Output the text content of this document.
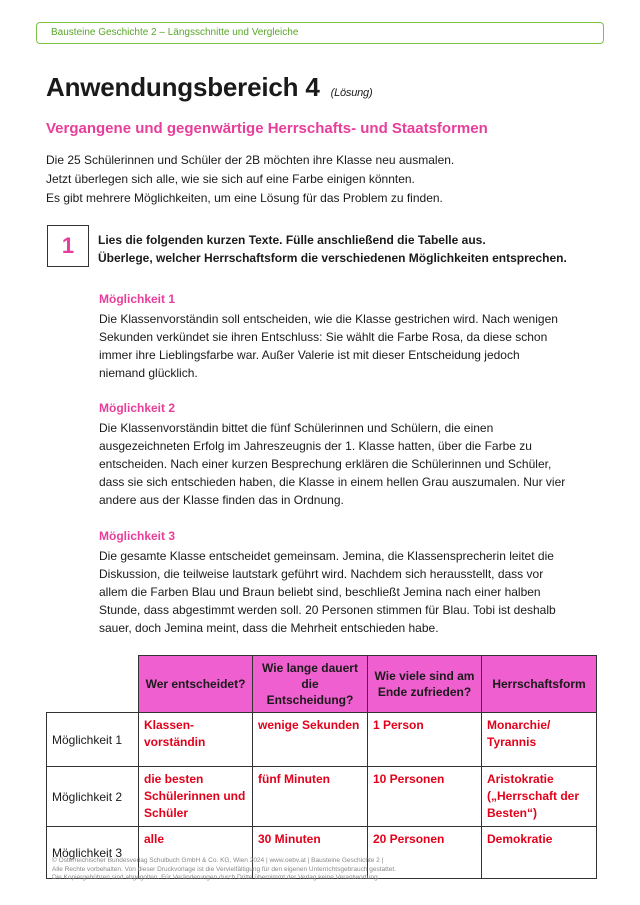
Bausteine Geschichte 2 – Längsschnitte und Vergleiche
Anwendungsbereich 4 (Lösung)
Vergangene und gegenwärtige Herrschafts- und Staatsformen
Die 25 Schülerinnen und Schüler der 2B möchten ihre Klasse neu ausmalen.
Jetzt überlegen sich alle, wie sie sich auf eine Farbe einigen könnten.
Es gibt mehrere Möglichkeiten, um eine Lösung für das Problem zu finden.
1	Lies die folgenden kurzen Texte. Fülle anschließend die Tabelle aus.
Überlege, welcher Herrschaftsform die verschiedenen Möglichkeiten entsprechen.
Möglichkeit 1
Die Klassenvorständin soll entscheiden, wie die Klasse gestrichen wird. Nach wenigen
Sekunden verkündet sie ihren Entschluss: Sie wählt die Farbe Rosa, da diese schon
immer ihre Lieblingsfarbe war. Außer Valerie ist mit dieser Entscheidung jedoch
niemand glücklich.
Möglichkeit 2
Die Klassenvorständin bittet die fünf Schülerinnen und Schülern, die einen
ausgezeichneten Erfolg im Jahreszeugnis der 1. Klasse hatten, über die Farbe zu
entscheiden. Nach einer kurzen Besprechung erklären die Schülerinnen und Schüler,
dass sie sich entschieden haben, die Klasse in einem hellen Grau auszumalen. Nur vier
andere aus der Klasse finden das in Ordnung.
Möglichkeit 3
Die gesamte Klasse entscheidet gemeinsam. Jemina, die Klassensprecherin leitet die
Diskussion, die teilweise lautstark geführt wird. Nachdem sich herausstellt, dass vor
allem die Farben Blau und Braun beliebt sind, beschließt Jemina nach einer halben
Stunde, dass abgestimmt werden soll. 20 Personen stimmen für Blau. Tobi ist deshalb
sauer, doch Jemina meint, dass die Mehrheit entschieden habe.
	Wer entscheidet?	Wie lange dauert die Entscheidung?	Wie viele sind am Ende zufrieden?	Herrschaftsform
Möglichkeit 1	Klassen-vorständin	wenige Sekunden	1 Person	Monarchie/ Tyrannis
Möglichkeit 2	die besten Schülerinnen und Schüler	fünf Minuten	10 Personen	Aristokratie („Herrschaft der Besten“)
Möglichkeit 3	alle	30 Minuten	20 Personen	Demokratie
© Österreichischer Bundesverlag Schulbuch GmbH & Co. KG, Wien 2024 | www.oebv.at | Bausteine Geschichte 2 |
Alle Rechte vorbehalten. Von dieser Druckvorlage ist die Vervielfältigung für den eigenen Unterrichtsgebrauch gestattet.
Die Kopiergebühren sind abgegolten. Für Veränderungen durch Dritte übernimmt der Verlag keine Verantwortung.
